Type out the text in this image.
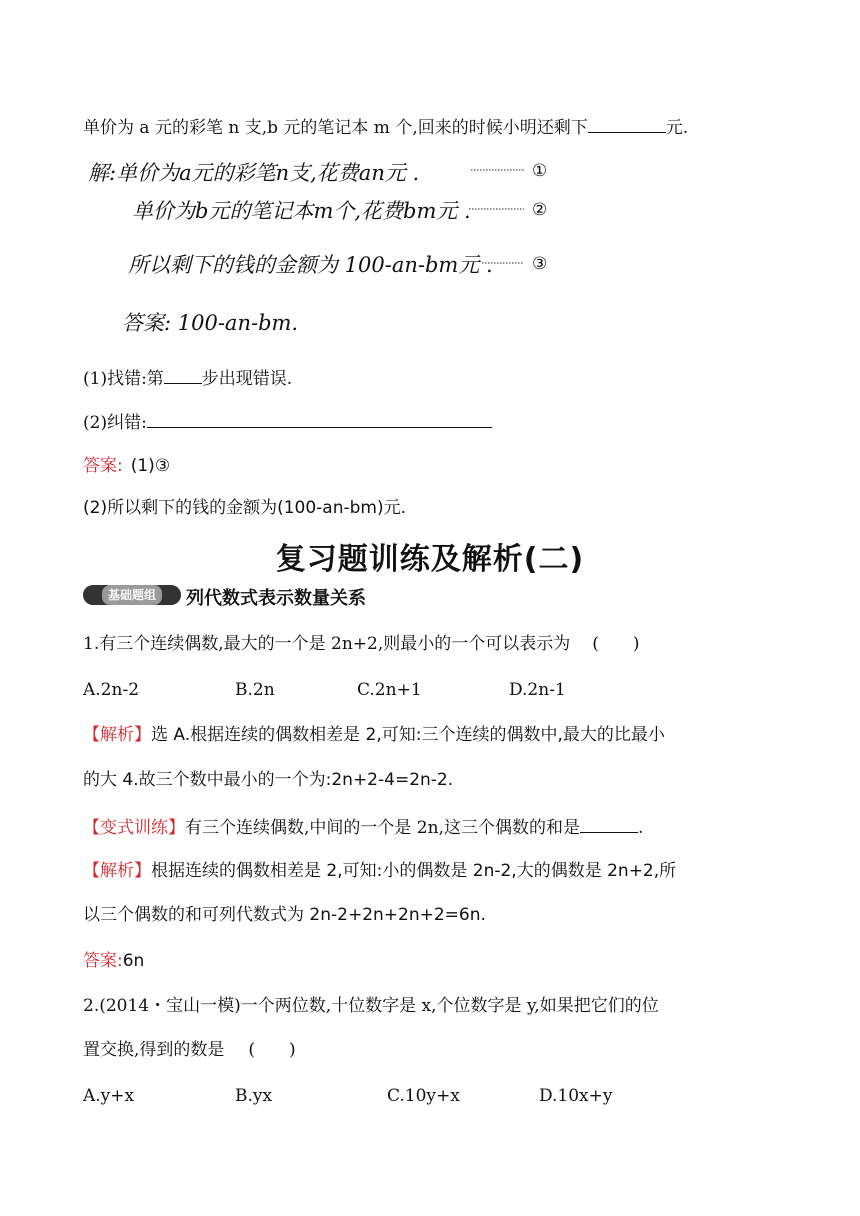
单价为 a 元的彩笔 n 支,b 元的笔记本 m 个,回来的时候小明还剩下	元.
解:单价为a元的彩笔n支,花费an元 .	①
单价为b元的笔记本m个,花费bm元 .	②
所以剩下的钱的金额为 100-an-bm元 . ③
答案: 100-an-bm.
(1)找错:第 步出现错误.
(2)纠错:
答案: (1)③
(2)所以剩下的钱的金额为(100-an-bm)元.
复习题训练及解析(二)
基础题组	列代数式表示数量关系
1.有三个连续偶数,最大的一个是 2n+2,则最小的一个可以表示为 (　　)
A.2n-2	B.2n	C.2n+1	D.2n-1
【解析】选 A.根据连续的偶数相差是 2,可知:三个连续的偶数中,最大的比最小
的大 4.故三个数中最小的一个为:2n+2-4=2n-2.
【变式训练】有三个连续偶数,中间的一个是 2n,这三个偶数的和是	.
【解析】根据连续的偶数相差是 2,可知:小的偶数是 2n-2,大的偶数是 2n+2,所
以三个偶数的和可列代数式为 2n-2+2n+2n+2=6n.
答案:6n
2.(2014・宝山一模)一个两位数,十位数字是 x,个位数字是 y,如果把它们的位
置交换,得到的数是 (　　)
A.y+x	B.yx	C.10y+x	D.10x+y
